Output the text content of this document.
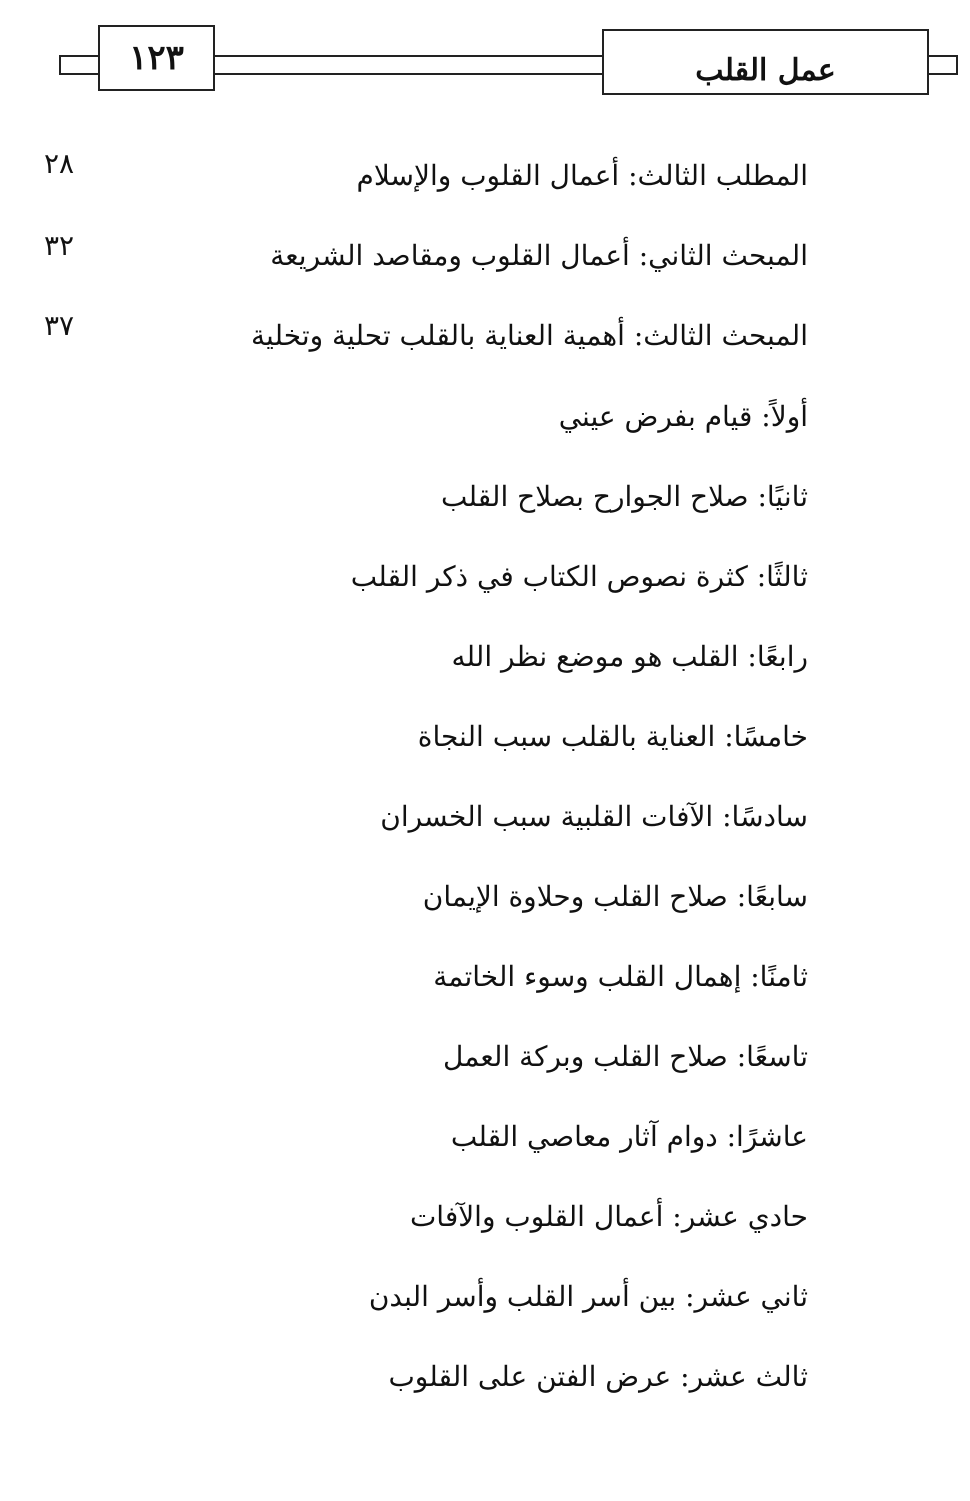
١٢٣	عمل القلب
المطلب الثالث: أعمال القلوب والإسلام
٢٨
المبحث الثاني: أعمال القلوب ومقاصد الشريعة
٣٢
المبحث الثالث: أهمية العناية بالقلب تحلية وتخلية
٣٧
أولاً: قيام بفرض عيني
ثانيًا: صلاح الجوارح بصلاح القلب
ثالثًا: كثرة نصوص الكتاب في ذكر القلب
رابعًا: القلب هو موضع نظر الله
خامسًا: العناية بالقلب سبب النجاة
سادسًا: الآفات القلبية سبب الخسران
سابعًا: صلاح القلب وحلاوة الإيمان
ثامنًا: إهمال القلب وسوء الخاتمة
تاسعًا: صلاح القلب وبركة العمل
عاشرًا: دوام آثار معاصي القلب
حادي عشر: أعمال القلوب والآفات
ثاني عشر: بين أسر القلب وأسر البدن
ثالث عشر: عرض الفتن على القلوب
